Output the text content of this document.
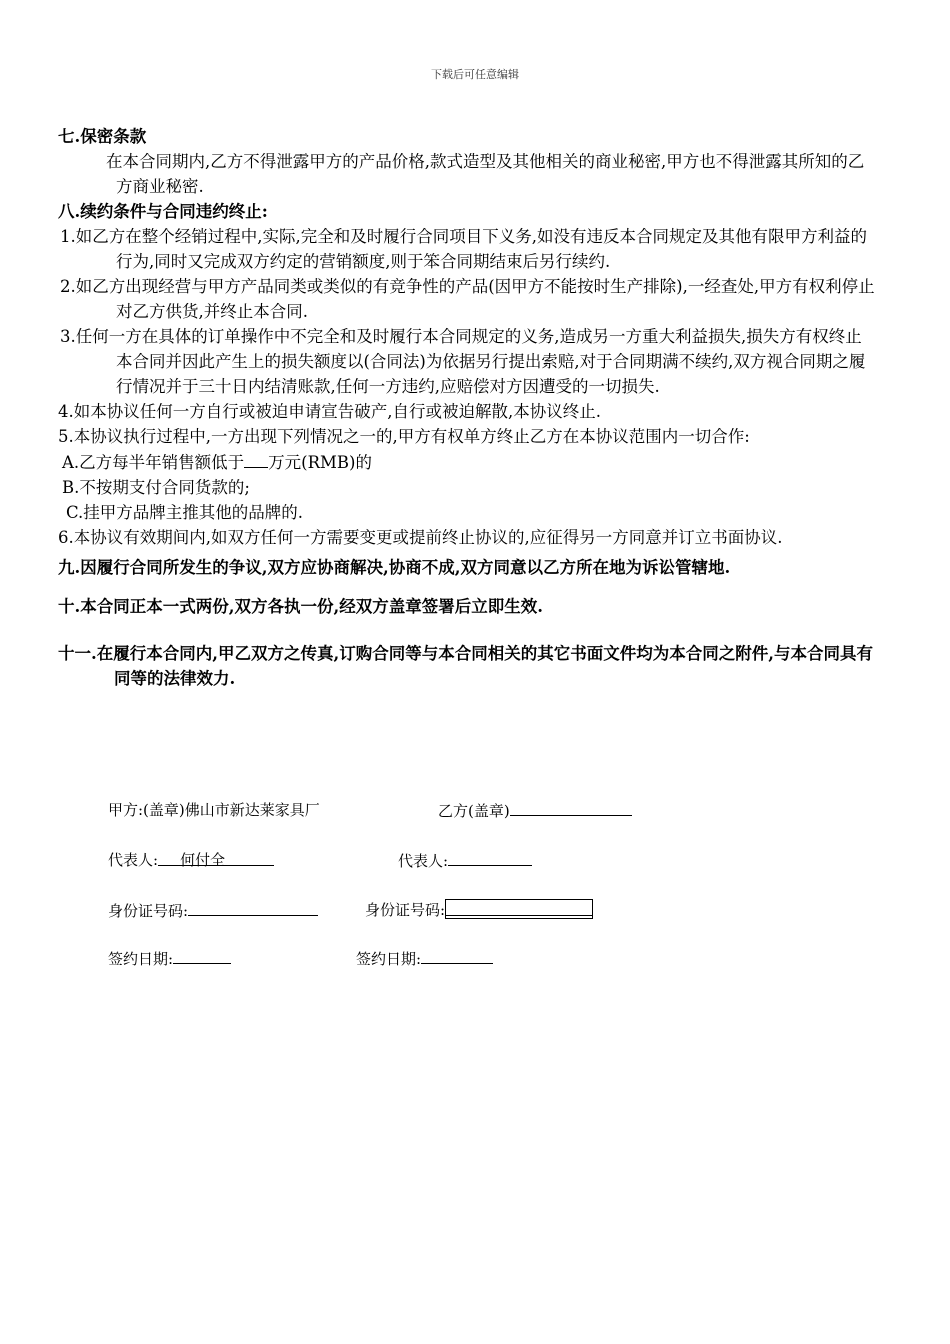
下载后可任意编辑

七.保密条款

在本合同期内,乙方不得泄露甲方的产品价格,款式造型及其他相关的商业秘密,甲方也不得泄露其所知的乙方商业秘密.

八.续约条件与合同违约终止:

1.如乙方在整个经销过程中,实际,完全和及时履行合同项目下义务,如没有违反本合同规定及其他有限甲方利益的行为,同时又完成双方约定的营销额度,则于笨合同期结束后另行续约.

2.如乙方出现经营与甲方产品同类或类似的有竞争性的产品(因甲方不能按时生产排除),一经查处,甲方有权利停止对乙方供货,并终止本合同.

3.任何一方在具体的订单操作中不完全和及时履行本合同规定的义务,造成另一方重大利益损失,损失方有权终止本合同并因此产生上的损失额度以(合同法)为依据另行提出索赔,对于合同期满不续约,双方视合同期之履行情况并于三十日内结清账款,任何一方违约,应赔偿对方因遭受的一切损失.

4.如本协议任何一方自行或被迫申请宣告破产,自行或被迫解散,本协议终止.

5.本协议执行过程中,一方出现下列情况之一的,甲方有权单方终止乙方在本协议范围内一切合作:

A.乙方每半年销售额低于 万元(RMB)的

B.不按期支付合同货款的;

C.挂甲方品牌主推其他的品牌的.

6.本协议有效期间内,如双方任何一方需要变更或提前终止协议的,应征得另一方同意并订立书面协议.

九.因履行合同所发生的争议,双方应协商解决,协商不成,双方同意以乙方所在地为诉讼管辖地.

十.本合同正本一式两份,双方各执一份,经双方盖章签署后立即生效.

十一.在履行本合同内,甲乙双方之传真,订购合同等与本合同相关的其它书面文件均为本合同之附件,与本合同具有同等的法律效力.

甲方:(盖章)佛山市新达莱家具厂	乙方(盖章)
代表人: 何付全	代表人:
身份证号码:	身份证号码:
签约日期:	签约日期:
